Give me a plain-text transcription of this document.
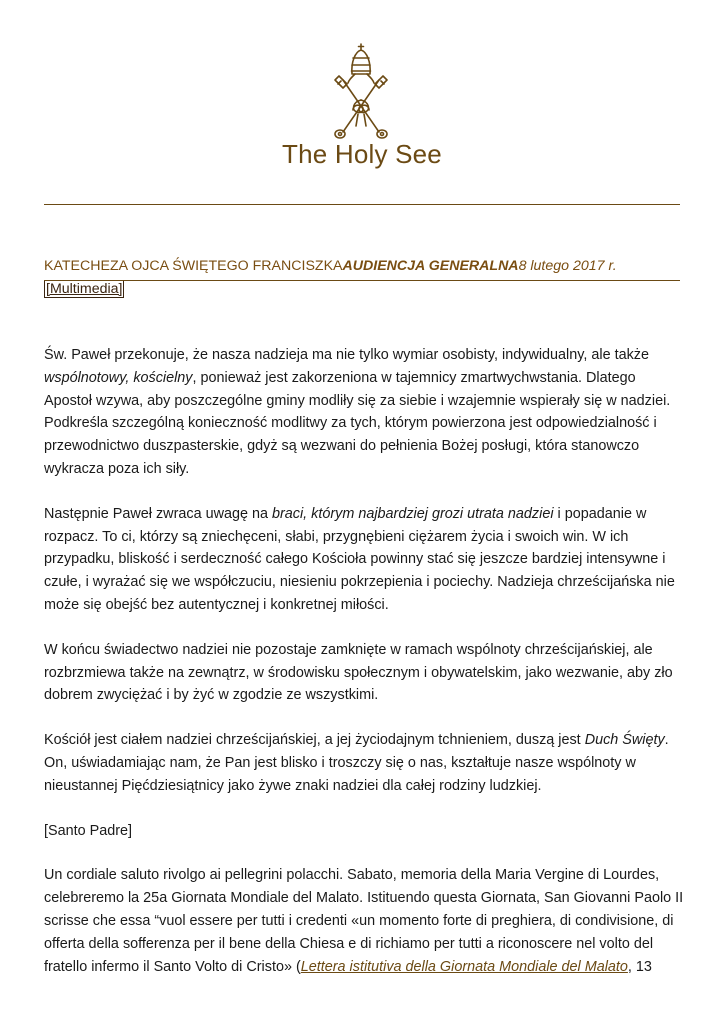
The Holy See
KATECHEZA OJCA ŚWIĘTEGO FRANCISZKAAUDIENCJA GENERALNA8 lutego 2017 r.[Multimedia]

Św. Paweł przekonuje, że nasza nadzieja ma nie tylko wymiar osobisty, indywidualny, ale także wspólnotowy, kościelny, ponieważ jest zakorzeniona w tajemnicy zmartwychwstania. Dlatego Apostoł wzywa, aby poszczególne gminy modliły się za siebie i wzajemnie wspierały się w nadziei. Podkreśla szczególną konieczność modlitwy za tych, którym powierzona jest odpowiedzialność i przewodnictwo duszpasterskie, gdyż są wezwani do pełnienia Bożej posługi, która stanowczo wykracza poza ich siły.

Następnie Paweł zwraca uwagę na braci, którym najbardziej grozi utrata nadziei i popadanie w rozpacz. To ci, którzy są zniechęceni, słabi, przygnębieni ciężarem życia i swoich win. W ich przypadku, bliskość i serdeczność całego Kościoła powinny stać się jeszcze bardziej intensywne i czułe, i wyrażać się we współczuciu, niesieniu pokrzepienia i pociechy. Nadzieja chrześcijańska nie może się obejść bez autentycznej i konkretnej miłości.

W końcu świadectwo nadziei nie pozostaje zamknięte w ramach wspólnoty chrześcijańskiej, ale rozbrzmiewa także na zewnątrz, w środowisku społecznym i obywatelskim, jako wezwanie, aby zło dobrem zwyciężać i by żyć w zgodzie ze wszystkimi.

Kościół jest ciałem nadziei chrześcijańskiej, a jej życiodajnym tchnieniem, duszą jest Duch Święty. On, uświadamiając nam, że Pan jest blisko i troszczy się o nas, kształtuje nasze wspólnoty w nieustannej Pięćdziesiątnicy jako żywe znaki nadziei dla całej rodziny ludzkiej.

[Santo Padre]

Un cordiale saluto rivolgo ai pellegrini polacchi. Sabato, memoria della Maria Vergine di Lourdes, celebreremo la 25a Giornata Mondiale del Malato. Istituendo questa Giornata, San Giovanni Paolo II scrisse che essa “vuol essere per tutti i credenti «un momento forte di preghiera, di condivisione, di offerta della sofferenza per il bene della Chiesa e di richiamo per tutti a riconoscere nel volto del fratello infermo il Santo Volto di Cristo» (Lettera istitutiva della Giornata Mondiale del Malato, 13
